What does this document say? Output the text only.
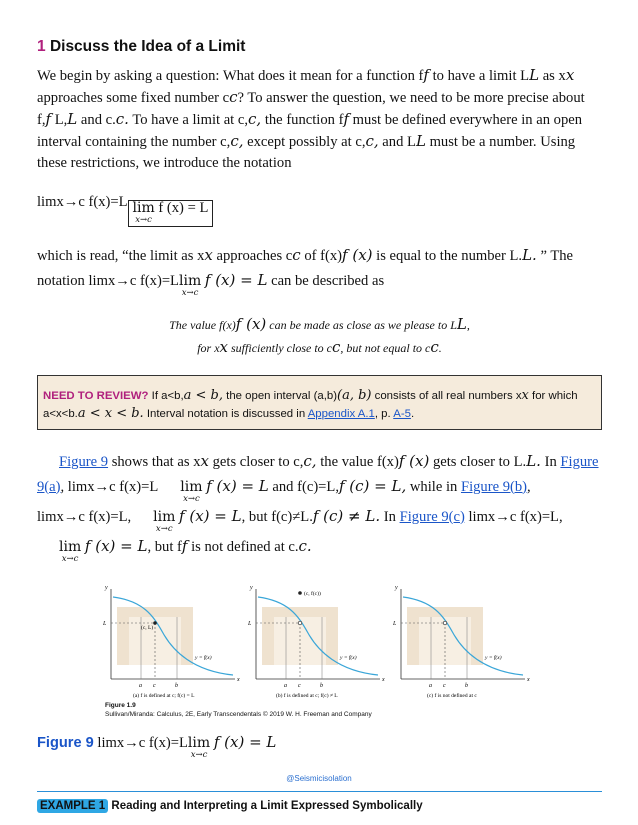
1 Discuss the Idea of a Limit

We begin by asking a question: What does it mean for a function ff to have a limit LL as xx approaches some fixed number cc? To answer the question, we need to be more precise about f,f L,L and c.c. To have a limit at c,c, the function ff must be defined everywhere in an open interval containing the number c,c, except possibly at c,c, and LL must be a number. Using these restrictions, we introduce the notation

limx→c f(x)=L lim
x→c
f (x) = L

which is read, “the limit as xx approaches cc of f(x)f (x) is equal to the number L.L. ” The notation limx→c f(x)=L lim
x→c
f (x) = L can be described as

The value f(x)f (x) can be made as close as we please to LL,
for xx sufficiently close to cc, but not equal to cc.
NEED TO REVIEW? If a<b,a < b, the open interval (a,b)(a, b) consists of all real numbers xx for which a<x<b.a < x < b. Interval notation is discussed in Appendix A.1, p. A-5.

Figure 9 shows that as xx gets closer to c,c, the value f(x)f (x) gets closer to L.L. In Figure 9(a), limx→c f(x)=L	lim
x→c
f (x) = L and f(c)=L,f (c) = L, while in Figure 9(b),
limx→c f(x)=L,	lim
x→c
f (x) = L, but f(c)≠L.f (c) ≠ L. In Figure 9(c) limx→c f(x)=L,

lim
x→c
f (x) = L, but ff is not defined at c.c.

y
x
L
a c	b
(c, L)
y = f(x)
(a) f is defined at c; f(c) = L
y
x
L
a c	b
(c, f(c))
y = f(x)
(b) f is defined at c; f(c) ≠ L
y
x
L
a c	b
y = f(x)
(c) f is not defined at c
Figure 1.9
Sullivan/Miranda: Calculus, 2E, Early Transcendentals © 2019 W. H. Freeman and Company
Figure 9 limx→c f(x)=L lim
x→c
f (x) = L
EXAMPLE 1 Reading and Interpreting a Limit Expressed Symbolically
@Seismicisolation
